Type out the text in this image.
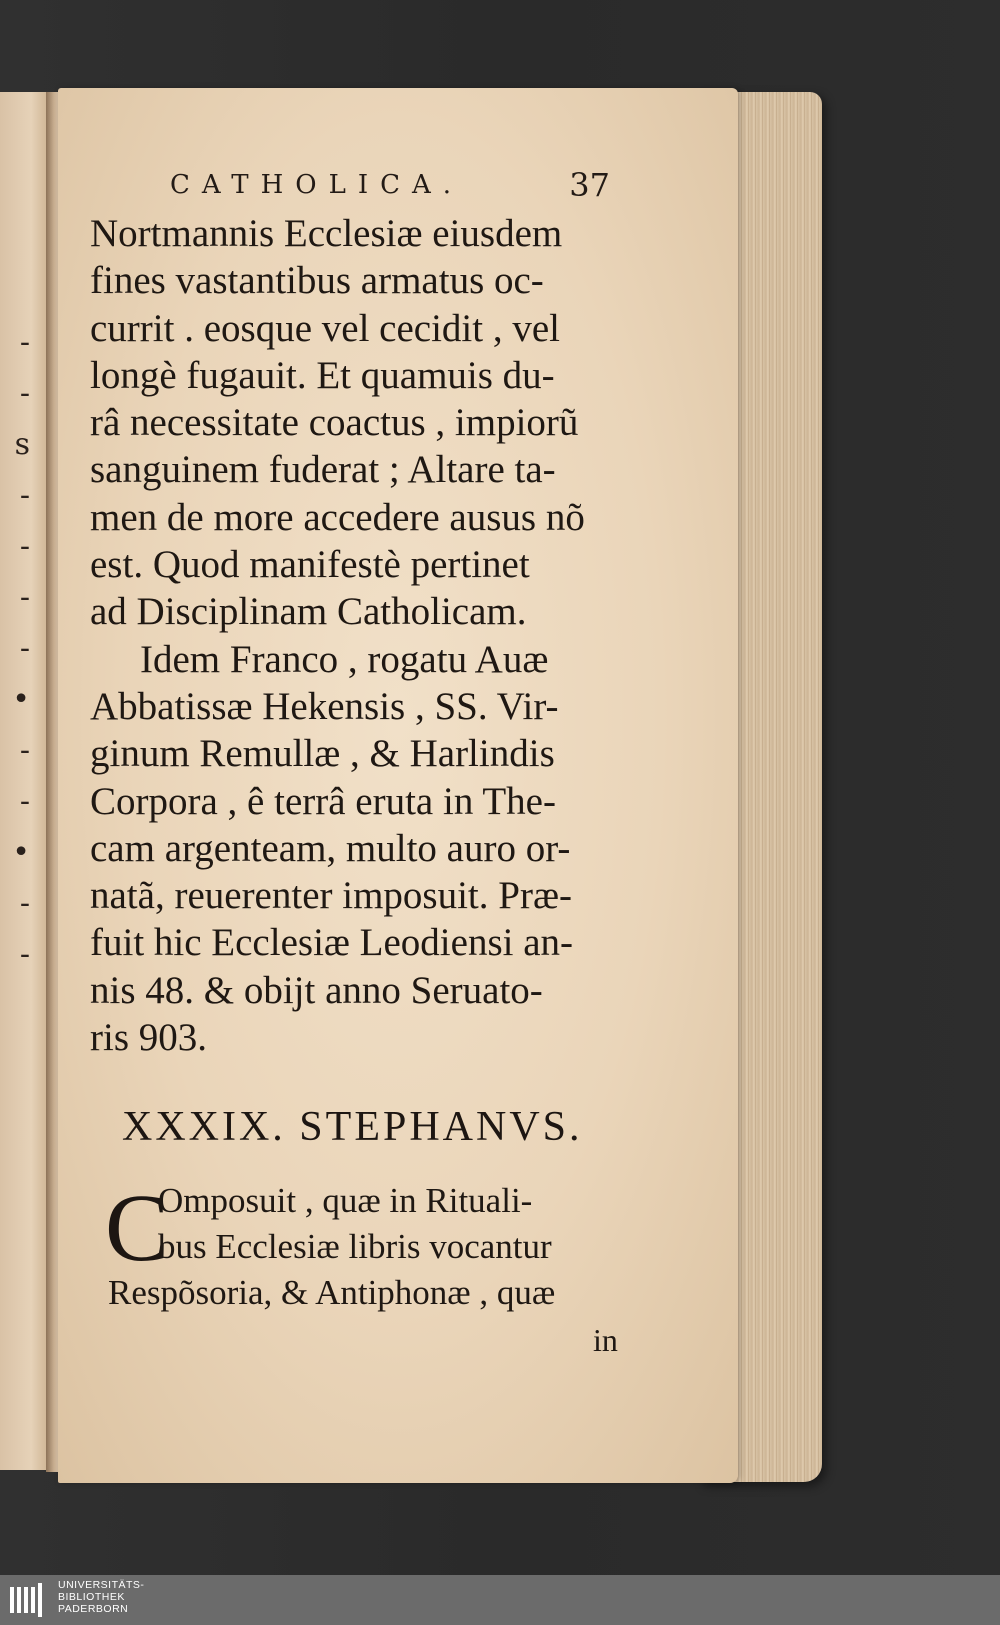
-
-
s
-
-
-
-
•
-
-
•
-
-
CATHOLICA.	37
Nortmannis Ecclesiæ eiusdem
fines vastantibus armatus oc-
currit . eosque vel cecidit , vel
longè fugauit. Et quamuis du-
râ necessitate coactus , impiorũ
sanguinem fuderat ; Altare ta-
men de more accedere ausus nõ
est. Quod manifestè pertinet
ad Disciplinam Catholicam.
Idem Franco , rogatu Auæ
Abbatissæ Hekensis , SS. Vir-
ginum Remullæ , & Harlindis
Corpora , ê terrâ eruta in The-
cam argenteam, multo auro or-
natã, reuerenter imposuit. Præ-
fuit hic Ecclesiæ Leodiensi an-
nis 48. & obijt anno Seruato-
ris 903.
XXXIX. STEPHANVS.
C
Omposuit , quæ in Rituali-
bus Ecclesiæ libris vocantur
Respõsoria, & Antiphonæ , quæ
in
UNIVERSITÄTS-
BIBLIOTHEK
PADERBORN
